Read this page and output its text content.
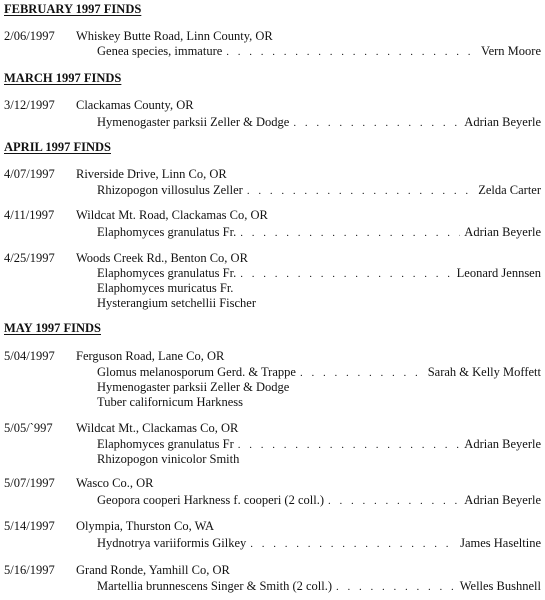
FEBRUARY 1997 FINDS
2/06/1997 Whiskey Butte Road, Linn County, OR
Genea species, immature . . .	Vern Moore
MARCH 1997 FINDS
3/12/1997 Clackamas County, OR
Hymenogaster parksii Zeller & Dodge . . .	Adrian Beyerle
APRIL 1997 FINDS
4/07/1997 Riverside Drive, Linn Co, OR
Rhizopogon villosulus Zeller . . .	Zelda Carter
4/11/1997 Wildcat Mt. Road, Clackamas Co, OR
Elaphomyces granulatus Fr. . . .	Adrian Beyerle
4/25/1997 Woods Creek Rd., Benton Co, OR
Elaphomyces granulatus Fr. . . .	Leonard Jennsen
Elaphomyces muricatus Fr.
Hysterangium setchellii Fischer
MAY 1997 FINDS
5/04/1997 Ferguson Road, Lane Co, OR
Glomus melanosporum Gerd. & Trappe . . .	Sarah & Kelly Moffett
Hymenogaster parksii Zeller & Dodge
Tuber californicum Harkness
5/05/`997 Wildcat Mt., Clackamas Co, OR
Elaphomyces granulatus Fr . . .	Adrian Beyerle
Rhizopogon vinicolor Smith
5/07/1997 Wasco Co., OR
Geopora cooperi Harkness f. cooperi (2 coll.) . . .	Adrian Beyerle
5/14/1997 Olympia, Thurston Co, WA
Hydnotrya variiformis Gilkey . . .	James Haseltine
5/16/1997 Grand Ronde, Yamhill Co, OR
Martellia brunnescens Singer & Smith (2 coll.) . . .	Welles Bushnell
